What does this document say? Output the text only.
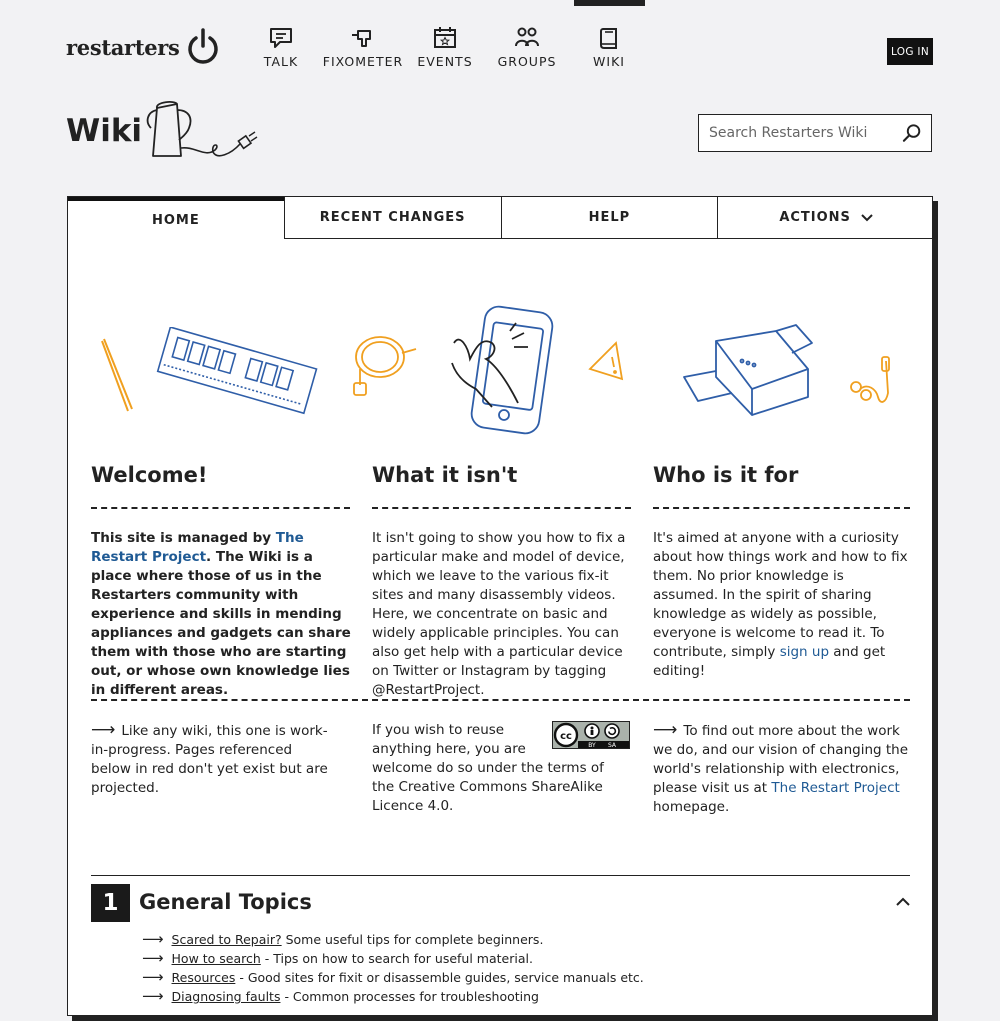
restarters
TALK	FIXOMETER	EVENTS	GROUPS	WIKI
LOG IN
Wiki
Search Restarters Wiki
HOME	RECENT CHANGES	HELP	ACTIONS
Welcome!

This site is managed by The Restart Project. The Wiki is a place where those of us in the Restarters community with experience and skills in mending appliances and gadgets can share them with those who are starting out, or whose own knowledge lies in different areas.

What it isn't

It isn't going to show you how to fix a particular make and model of device, which we leave to the various fix-it sites and many disassembly videos. Here, we concentrate on basic and widely applicable principles. You can also get help with a particular device on Twitter or Instagram by tagging @RestartProject.

Who is it for

It's aimed at anyone with a curiosity about how things work and how to fix them. No prior knowledge is assumed. In the spirit of sharing knowledge as widely as possible, everyone is welcome to read it. To contribute, simply sign up and get editing!

⟶ Like any wiki, this one is work-in-progress. Pages referenced below in red don't yet exist but are projected.

cc
BY SA
If you wish to reuse anything here, you are welcome do so under the terms of the Creative Commons ShareAlike Licence 4.0.

⟶ To find out more about the work we do, and our vision of changing the world's relationship with electronics, please visit us at The Restart Project homepage.

1 General Topics
⟶ Scared to Repair? Some useful tips for complete beginners.
⟶ How to search - Tips on how to search for useful material.
⟶ Resources - Good sites for fixit or disassemble guides, service manuals etc.
⟶ Diagnosing faults - Common processes for troubleshooting
